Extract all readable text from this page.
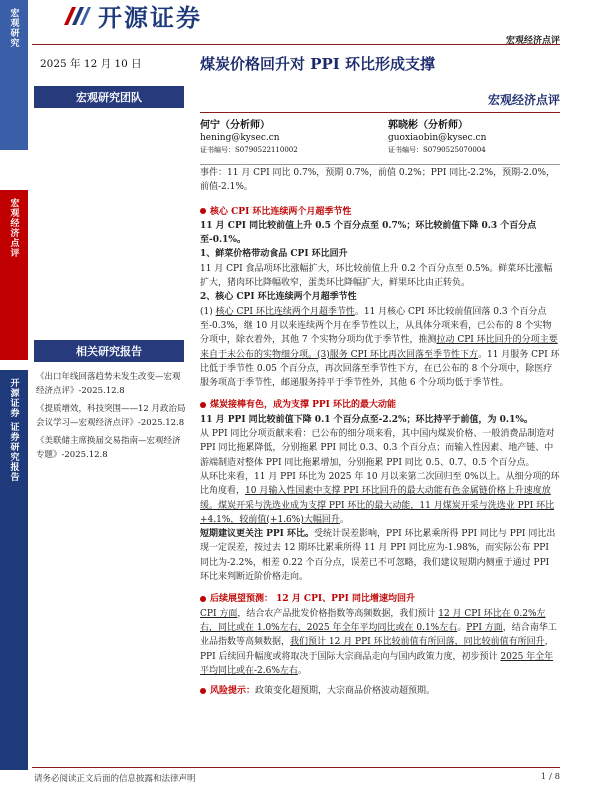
宏观研究
宏观经济点评
开源证券 证券研究报告
开源证券
宏观经济点评
2025 年 12 月 10 日	煤炭价格回升对 PPI 环比形成支撑
宏观研究团队	宏观经济点评
何宁（分析师）
hening@kysec.cn
证书编号：S0790522110002
郭晓彬（分析师）
guoxiaobin@kysec.cn
证书编号：S0790525070004
相关研究报告
《出口年线回落趋势未发生改变—宏观经济点评》-2025.12.8
《提质增效，科技突围——12 月政治局会议学习—宏观经济点评》-2025.12.8
《美联储主席换届交易指南—宏观经济专题》-2025.12.8

事件：11 月 CPI 同比 0.7%，预期 0.7%，前值 0.2%；PPI 同比-2.2%，预期-2.0%，前值-2.1%。

核心 CPI 环比连续两个月超季节性

11 月 CPI 同比较前值上升 0.5 个百分点至 0.7%；环比较前值下降 0.3 个百分点至-0.1%。

1、鲜菜价格带动食品 CPI 环比回升

11 月 CPI 食品项环比涨幅扩大，环比较前值上升 0.2 个百分点至 0.5%。鲜菜环比涨幅扩大，猪肉环比降幅收窄，蛋类环比降幅扩大，鲜果环比由正转负。

2、核心 CPI 环比连续两个月超季节性

(1) 核心 CPI 环比连续两个月超季节性。11 月核心 CPI 环比较前值回落 0.3 个百分点至-0.3%，继 10 月以来连续两个月在季节性以上，从具体分项来看，已公布的 8 个实物分项中，除衣着外，其他 7 个实物分项均优于季节性，推测拉动 CPI 环比回升的分项主要来自于未公布的实物细分项。(3)服务 CPI 环比再次回落至季节性下方。11 月服务 CPI 环比低于季节性 0.05 个百分点，再次回落至季节性下方，在已公布的 8 个分项中，除医疗服务项高于季节性，邮递服务持平于季节性外，其他 6 个分项均低于季节性。

煤炭接棒有色，成为支撑 PPI 环比的最大动能

11 月 PPI 同比较前值下降 0.1 个百分点至-2.2%；环比持平于前值，为 0.1%。

从 PPI 同比分项贡献来看：已公布的细分项来看，其中国内煤炭价格、一般消费品制造对 PPI 同比拖累降低，分别拖累 PPI 同比 0.3、0.3 个百分点；而输入性因素、地产链、中游端制造对整体 PPI 同比拖累增加，分别拖累 PPI 同比 0.5、0.7、0.5 个百分点。

从环比来看，11 月 PPI 环比为 2025 年 10 月以来第二次回归至 0%以上。从细分项的环比角度看，10 月输入性国素中支撑 PPI 环比回升的最大动能有色金属链价格上升速度放缓。煤炭开采与洗选业成为支撑 PPI 环比的最大动能，11 月煤炭开采与洗选业 PPI 环比+4.1%，较前值(+1.6%)大幅回升。

短期建议更关注 PPI 环比。受统计误差影响，PPI 环比累乘所得 PPI 同比与 PPI 同比出现一定误差，按过去 12 期环比累乘所得 11 月 PPI 同比应为-1.98%，而实际公布 PPI 同比为-2.2%，相差 0.22 个百分点，误差已不可忽略，我们建议短期内侧重于通过 PPI 环比来判断近阶价格走向。

后续展望预测： 12 月 CPI、PPI 同比增速均回升

CPI 方面，结合农产品批发价格指数等高频数据，我们预计 12 月 CPI 环比在 0.2%左右，同比或在 1.0%左右，2025 年全年平均同比或在 0.1%左右。PPI 方面，结合南华工业品指数等高频数据，我们预计 12 月 PPI 环比较前值有所回落，同比较前值有所回升，PPI 后续回升幅度或将取决于国际大宗商品走向与国内政策力度，初步预计 2025 年全年平均同比或在-2.6%左右。

风险提示：政策变化超预期，大宗商品价格波动超预期。

请务必阅读正文后面的信息披露和法律声明	1 / 8
